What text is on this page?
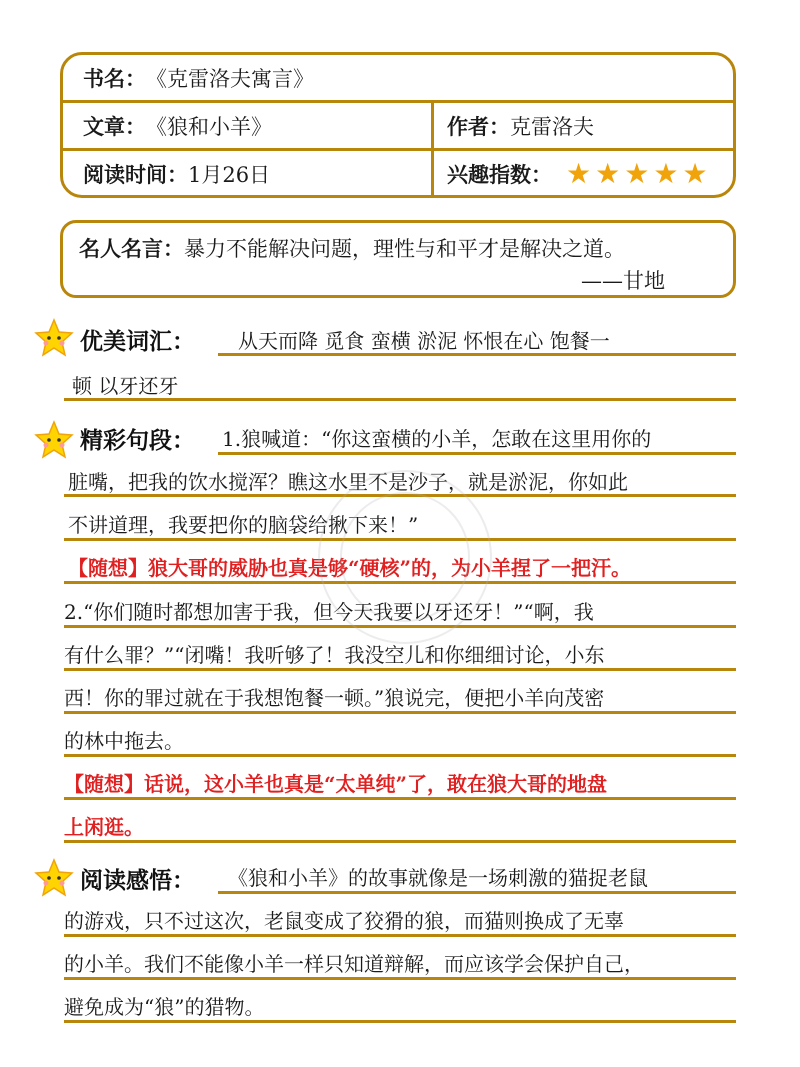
书名： 《克雷洛夫寓言》
文章： 《狼和小羊》	作者： 克雷洛夫
阅读时间： 1月26日	兴趣指数： ★ ★ ★ ★ ★
名人名言：暴力不能解决问题，理性与和平才是解决之道。
——甘地
优美词汇： 从天而降 觅食 蛮横 淤泥 怀恨在心 饱餐一
顿 以牙还牙
精彩句段： 1.狼喊道：“你这蛮横的小羊，怎敢在这里用你的
脏嘴，把我的饮水搅浑？瞧这水里不是沙子，就是淤泥，你如此
不讲道理，我要把你的脑袋给揪下来！”
【随想】狼大哥的威胁也真是够“硬核”的，为小羊捏了一把汗。
2.“你们随时都想加害于我，但今天我要以牙还牙！”“啊，我
有什么罪？”“闭嘴！我听够了！我没空儿和你细细讨论，小东
西！你的罪过就在于我想饱餐一顿。”狼说完，便把小羊向茂密
的林中拖去。
【随想】话说，这小羊也真是“太单纯”了，敢在狼大哥的地盘
上闲逛。
阅读感悟： 《狼和小羊》的故事就像是一场刺激的猫捉老鼠
的游戏，只不过这次，老鼠变成了狡猾的狼，而猫则换成了无辜
的小羊。我们不能像小羊一样只知道辩解，而应该学会保护自己，
避免成为“狼”的猎物。
